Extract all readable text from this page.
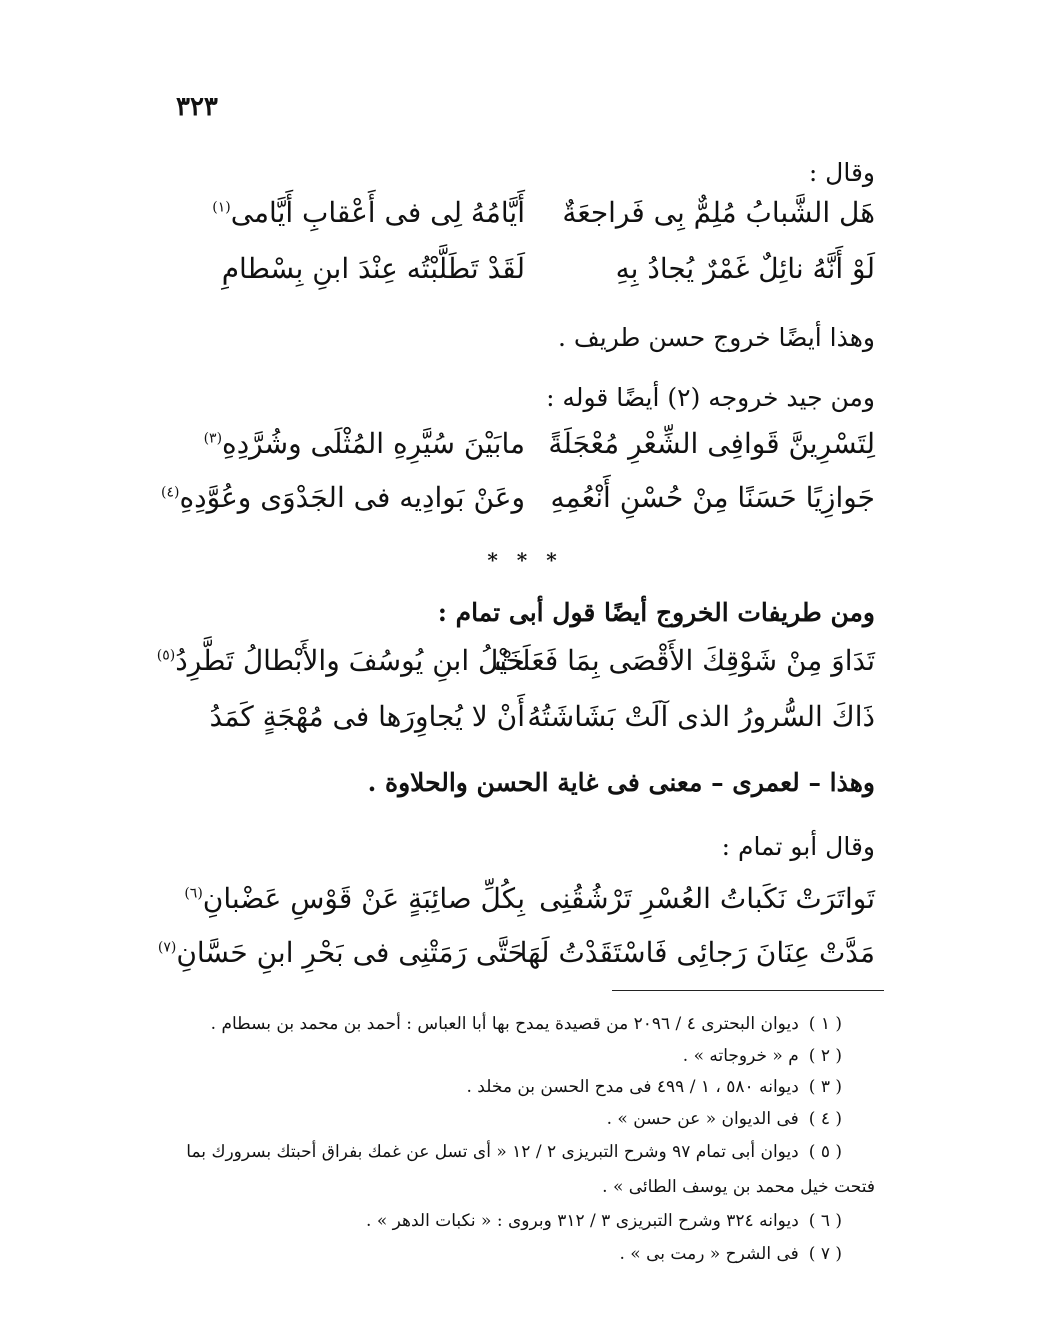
٣٢٣
وقال :
هَل الشَّبابُ مُلِمٌّ بِى فَراجعَةٌ
أَيَّامُهُ لِى فى أَعْقابِ أَيَّامى$^{(١)}$
لَوْ أَنَّهُ نائِلٌ غَمْرٌ يُجادُ بِهِ
لَقَدْ تَطَلَّبْتُه عِنْدَ ابنِ بِسْطامِ
وهذا أيضًا خروج حسن طريف .
ومن جيد خروجه (٢) أيضًا قوله :
لِتَسْرِينَّ قَوافِى الشِّعْرِ مُعْجَلَةً
مابَيْنَ سُيَّرِهِ المُثْلَى وشُرَّدِهِ$^{(٣)}$
جَوازِيًا حَسَنًا مِنْ حُسْنِ أَنْعُمِهِ
وعَنْ بَوادِيه فى الجَدْوَى وعُوَّدِهِ$^{(٤)}$
* * *
ومن طريفات الخروج أيضًا قول أبى تمام :
تَدَاوَ مِنْ شَوْقِكَ الأَقْصَى بِمَا فَعَلَتْ
خَيْلُ ابنِ يُوسُفَ والأَبْطالُ تَطَّرِدُ$^{(٥)}$
ذَاكَ السُّرورُ الذى آلَتْ بَشَاشَتُهُ
أَنْ لا يُجاوِرَها فى مُهْجَةٍ كَمَدُ
وهذا – لعمرى – معنى فى غاية الحسن والحلاوة .
وقال أبو تمام :
تَواتَرَتْ نَكَباتُ العُسْرِ تَرْشُقُنِى
بِكُلِّ صائِبَةٍ عَنْ قَوْسِ عَضْبانِ$^{(٦)}$
مَدَّتْ عِنَانَ رَجائِى فَاسْتَقَدْتُ لَهَا
حَتَّى رَمَتْنِى فى بَحْرِ ابنِ حَسَّانِ$^{(٧)}$
( ١ )ديوان البحترى ٤ / ٢٠٩٦ من قصيدة يمدح بها أبا العباس : أحمد بن محمد بن بسطام .
( ٢ )م « خروجاته » .
( ٣ )ديوانه ٥٨٠ ، ١ / ٤٩٩ فى مدح الحسن بن مخلد .
( ٤ )فى الديوان « عن حسن » .
( ٥ )ديوان أبى تمام ٩٧ وشرح التبريزى ٢ / ١٢ « أى تسل عن غمك بفراق أحبتك بسرورك بما
فتحت خيل محمد بن يوسف الطائى » .
( ٦ )ديوانه ٣٢٤ وشرح التبريزى ٣ / ٣١٢ وبروى : « نكبات الدهر » .
( ٧ )فى الشرح « رمت بى » .
